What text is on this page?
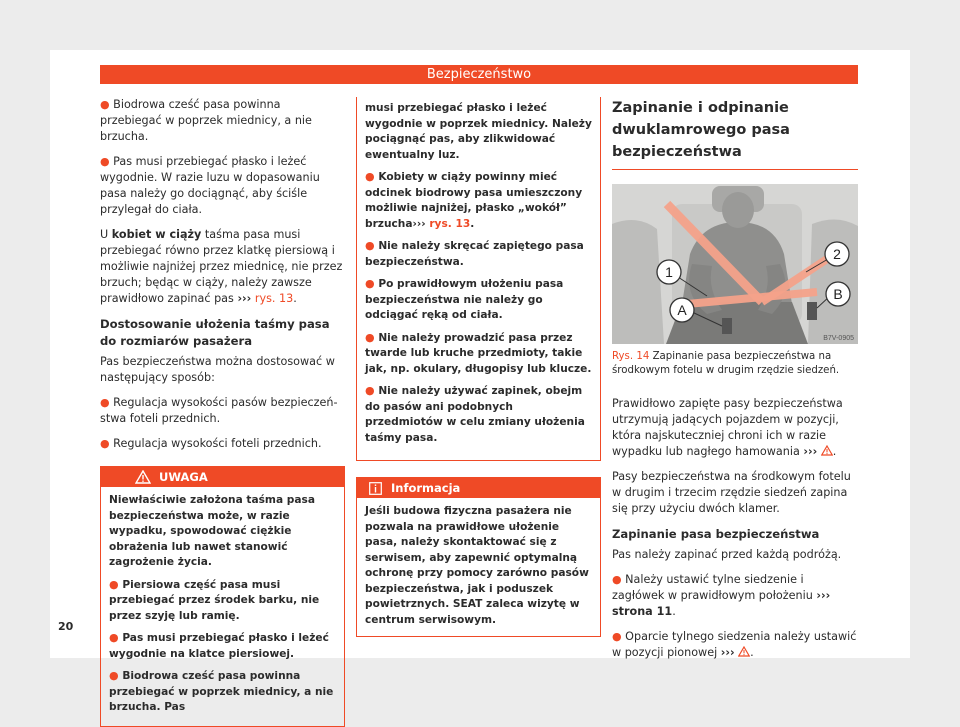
Bezpieczeństwo

● Biodrowa cześć pasa powinna przebiegać w poprzek miednicy, a nie brzucha.

● Pas musi przebiegać płasko i leżeć wygodnie. W razie luzu w dopasowaniu pasa należy go dociągnąć, aby ściśle przylegał do ciała.

U kobiet w ciąży taśma pasa musi przebiegać równo przez klatkę piersiową i możliwie najniżej przez miednicę, nie przez brzuch; będąc w ciąży, należy zawsze prawidłowo zapinać pas ››› rys. 13.

Dostosowanie ułożenia taśmy pasa do rozmiarów pasażera

Pas bezpieczeństwa można dostosować w następujący sposób:

● Regulacja wysokości pasów bezpieczeństwa foteli przednich.

● Regulacja wysokości foteli przednich.

UWAGA

Niewłaściwie założona taśma pasa bezpieczeństwa może, w razie wypadku, spowodować ciężkie obrażenia lub nawet stanowić zagrożenie życia.

● Piersiowa część pasa musi przebiegać przez środek barku, nie przez szyję lub ramię.

● Pas musi przebiegać płasko i leżeć wygodnie na klatce piersiowej.

● Biodrowa cześć pasa powinna przebiegać w poprzek miednicy, a nie brzucha. Pas

musi przebiegać płasko i leżeć wygodnie w poprzek miednicy. Należy pociągnąć pas, aby zlikwidować ewentualny luz.

● Kobiety w ciąży powinny mieć odcinek biodrowy pasa umieszczony możliwie najniżej, płasko „wokół” brzucha››› rys. 13.

● Nie należy skręcać zapiętego pasa bezpieczeństwa.

● Po prawidłowym ułożeniu pasa bezpieczeństwa nie należy go odciągać ręką od ciała.

● Nie należy prowadzić pasa przez twarde lub kruche przedmioty, takie jak, np. okulary, długopisy lub klucze.

● Nie należy używać zapinek, obejm do pasów ani podobnych przedmiotów w celu zmiany ułożenia taśmy pasa.

Informacja
Jeśli budowa fizyczna pasażera nie pozwala na prawidłowe ułożenie pasa, należy skontaktować się z serwisem, aby zapewnić optymalną ochronę przy pomocy zarówno pasów bezpieczeństwa, jak i poduszek powietrznych. SEAT zaleca wizytę w centrum serwisowym.
Zapinanie i odpinanie dwuklamrowego pasa bezpieczeństwa
1
A
2
B
B7V-0905
Rys. 14 Zapinanie pasa bezpieczeństwa na środkowym fotelu w drugim rzędzie siedzeń.

Prawidłowo zapięte pasy bezpieczeństwa utrzymują jadących pojazdem w pozycji, która najskuteczniej chroni ich w razie wypadku lub nagłego hamowania ››› .

Pasy bezpieczeństwa na środkowym fotelu w drugim i trzecim rzędzie siedzeń zapina się przy użyciu dwóch klamer.

Zapinanie pasa bezpieczeństwa

Pas należy zapinać przed każdą podróżą.

● Należy ustawić tylne siedzenie i zagłówek w prawidłowym położeniu ››› strona 11.

● Oparcie tylnego siedzenia należy ustawić w pozycji pionowej ››› .

20
